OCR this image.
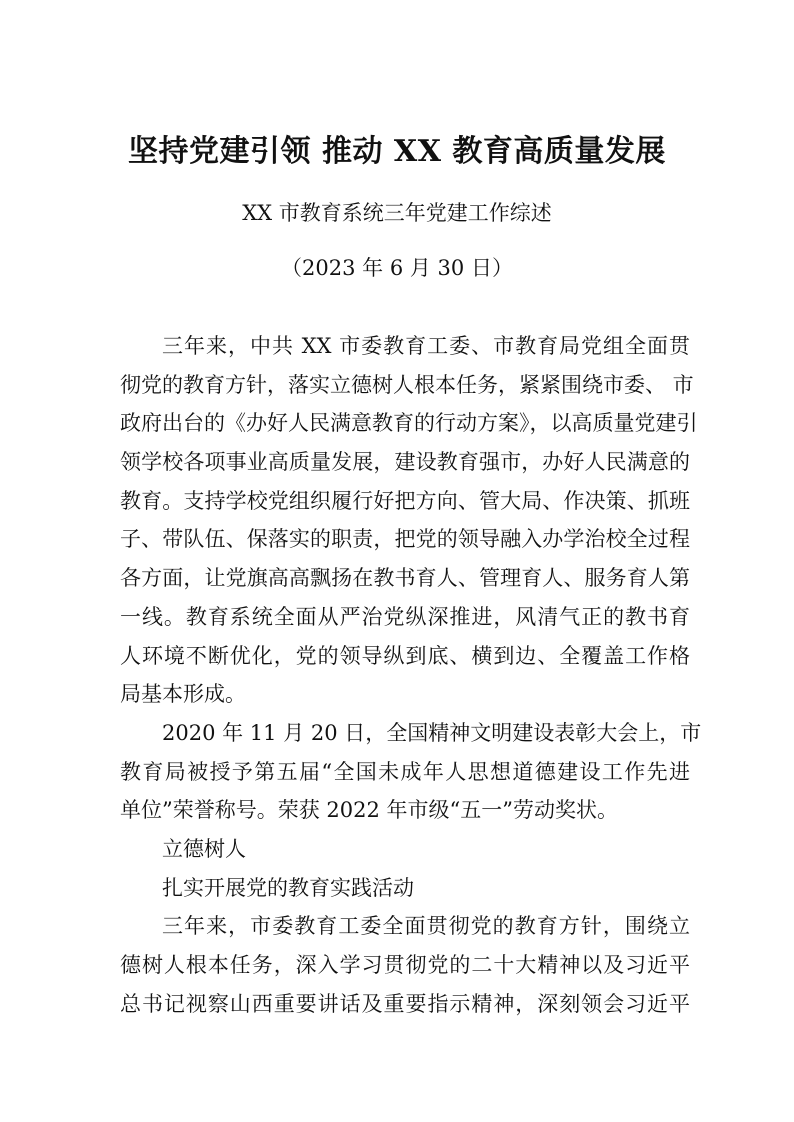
坚持党建引领 推动 XX 教育高质量发展
XX 市教育系统三年党建工作综述
（2023 年 6 月 30 日）
三年来，中共 XX 市委教育工委、市教育局党组全面贯
彻党的教育方针，落实立德树人根本任务，紧紧围绕市委、 市
政府出台的《办好人民满意教育的行动方案》，以高质量党建引
领学校各项事业高质量发展，建设教育强市，办好人民满意的
教育。支持学校党组织履行好把方向、管大局、作决策、抓班
子、带队伍、保落实的职责，把党的领导融入办学治校全过程
各方面，让党旗高高飘扬在教书育人、管理育人、服务育人第
一线。教育系统全面从严治党纵深推进，风清气正的教书育
人环境不断优化，党的领导纵到底、横到边、全覆盖工作格
局基本形成。
2020 年 11 月 20 日，全国精神文明建设表彰大会上，市
教育局被授予第五届“全国未成年人思想道德建设工作先进
单位”荣誉称号。荣获 2022 年市级“五一”劳动奖状。
立德树人
扎实开展党的教育实践活动
三年来，市委教育工委全面贯彻党的教育方针，围绕立
德树人根本任务，深入学习贯彻党的二十大精神以及习近平
总书记视察山西重要讲话及重要指示精神，深刻领会习近平
